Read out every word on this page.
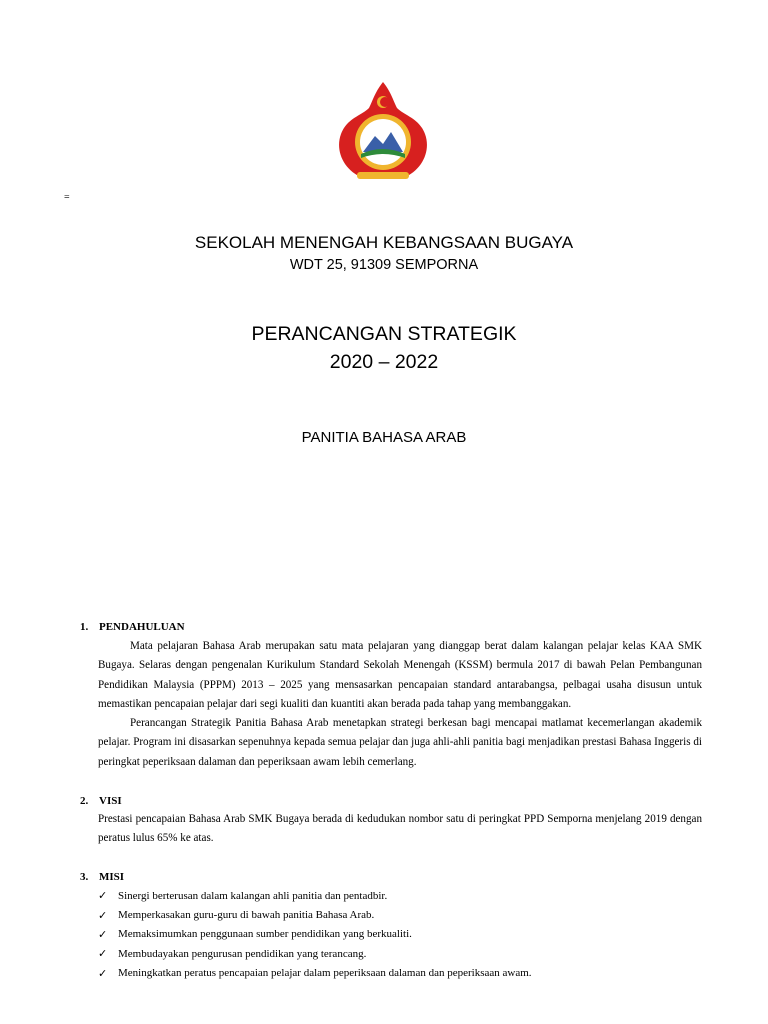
=
SEKOLAH MENENGAH KEBANGSAAN BUGAYA
WDT 25, 91309 SEMPORNA
PERANCANGAN STRATEGIK
2020 – 2022
PANITIA BAHASA ARAB
1. PENDAHULUAN
Mata pelajaran Bahasa Arab merupakan satu mata pelajaran yang dianggap berat dalam kalangan pelajar kelas KAA SMK Bugaya. Selaras dengan pengenalan Kurikulum Standard Sekolah Menengah (KSSM) bermula 2017 di bawah Pelan Pembangunan Pendidikan Malaysia (PPPM) 2013 – 2025 yang mensasarkan pencapaian standard antarabangsa, pelbagai usaha disusun untuk memastikan pencapaian pelajar dari segi kualiti dan kuantiti akan berada pada tahap yang membanggakan.
Perancangan Strategik Panitia Bahasa Arab menetapkan strategi berkesan bagi mencapai matlamat kecemerlangan akademik pelajar. Program ini disasarkan sepenuhnya kepada semua pelajar dan juga ahli-ahli panitia bagi menjadikan prestasi Bahasa Inggeris di peringkat peperiksaan dalaman dan peperiksaan awam lebih cemerlang.
2. VISI
Prestasi pencapaian Bahasa Arab SMK Bugaya berada di kedudukan nombor satu di peringkat PPD Semporna menjelang 2019 dengan peratus lulus 65% ke atas.
3. MISI
✓ Sinergi berterusan dalam kalangan ahli panitia dan pentadbir.
✓ Memperkasakan guru-guru di bawah panitia Bahasa Arab.
✓ Memaksimumkan penggunaan sumber pendidikan yang berkualiti.
✓ Membudayakan pengurusan pendidikan yang terancang.
✓ Meningkatkan peratus pencapaian pelajar dalam peperiksaan dalaman dan peperiksaan awam.
